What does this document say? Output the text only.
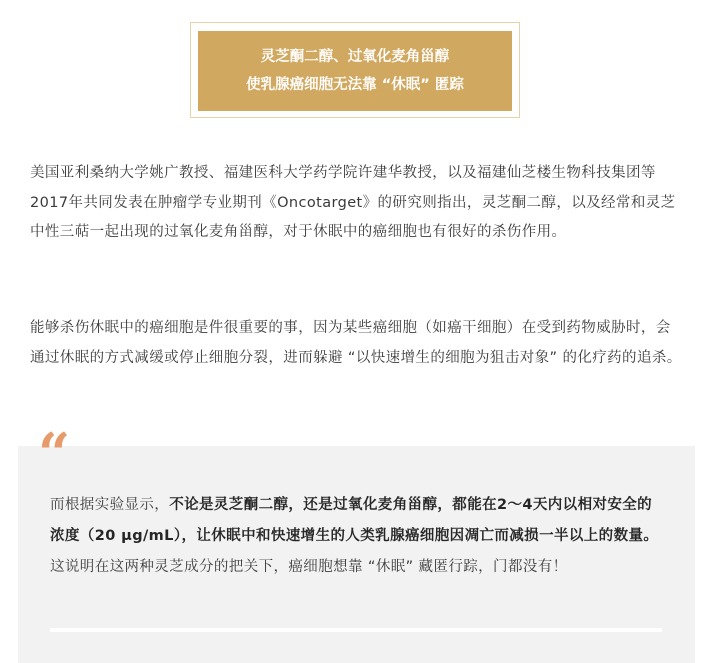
灵芝酮二醇、过氧化麦角甾醇
使乳腺癌细胞无法靠 “休眠” 匿踪

美国亚利桑纳大学姚广教授、福建医科大学药学院许建华教授，以及福建仙芝楼生物科技集团等2017年共同发表在肿瘤学专业期刊《Oncotarget》的研究则指出，灵芝酮二醇，以及经常和灵芝中性三萜一起出现的过氧化麦角甾醇，对于休眠中的癌细胞也有很好的杀伤作用。

能够杀伤休眠中的癌细胞是件很重要的事，因为某些癌细胞（如癌干细胞）在受到药物威胁时，会通过休眠的方式减缓或停止细胞分裂，进而躲避 “以快速增生的细胞为狙击对象” 的化疗药的追杀。

“

而根据实验显示，不论是灵芝酮二醇，还是过氧化麦角甾醇，都能在2～4天内以相对安全的浓度（20 μg/mL），让休眠中和快速增生的人类乳腺癌细胞因凋亡而减损一半以上的数量。这说明在这两种灵芝成分的把关下，癌细胞想靠 “休眠” 藏匿行踪，门都没有！
